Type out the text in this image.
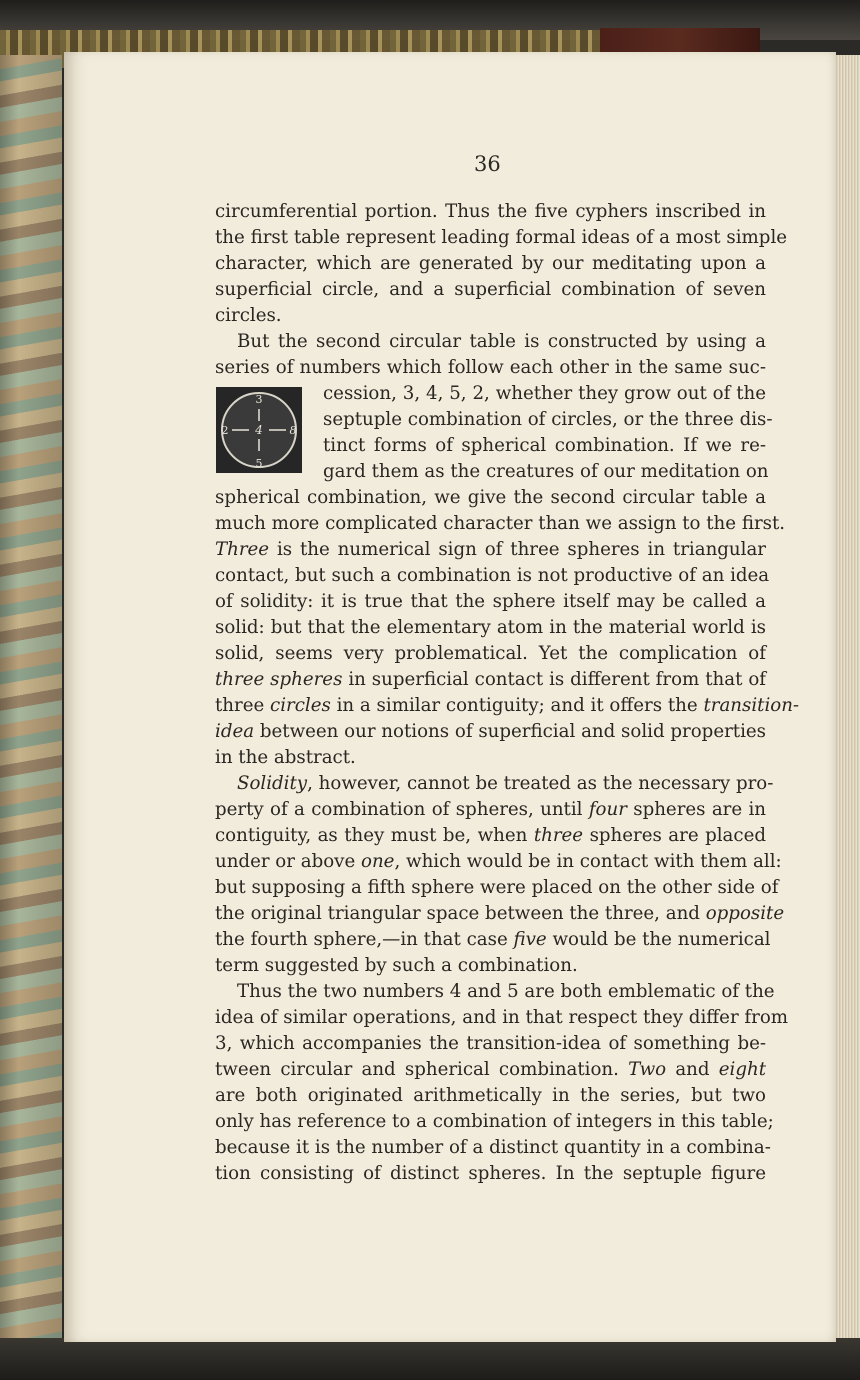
36
3
2 4 8
5
circumferential portion. Thus the five cyphers inscribed in
the first table represent leading formal ideas of a most simple
character, which are generated by our meditating upon a
superficial circle, and a superficial combination of seven
circles.
But the second circular table is constructed by using a
series of numbers which follow each other in the same suc-
cession, 3, 4, 5, 2, whether they grow out of the
septuple combination of circles, or the three dis-
tinct forms of spherical combination. If we re-
gard them as the creatures of our meditation on
spherical combination, we give the second circular table a
much more complicated character than we assign to the first.
Three is the numerical sign of three spheres in triangular
contact, but such a combination is not productive of an idea
of solidity: it is true that the sphere itself may be called a
solid: but that the elementary atom in the material world is
solid, seems very problematical. Yet the complication of
three spheres in superficial contact is different from that of
three circles in a similar contiguity; and it offers the transition-
idea between our notions of superficial and solid properties
in the abstract.
Solidity, however, cannot be treated as the necessary pro-
perty of a combination of spheres, until four spheres are in
contiguity, as they must be, when three spheres are placed
under or above one, which would be in contact with them all:
but supposing a fifth sphere were placed on the other side of
the original triangular space between the three, and opposite
the fourth sphere,—in that case five would be the numerical
term suggested by such a combination.
Thus the two numbers 4 and 5 are both emblematic of the
idea of similar operations, and in that respect they differ from
3, which accompanies the transition-idea of something be-
tween circular and spherical combination. Two and eight
are both originated arithmetically in the series, but two
only has reference to a combination of integers in this table;
because it is the number of a distinct quantity in a combina-
tion consisting of distinct spheres. In the septuple figure
